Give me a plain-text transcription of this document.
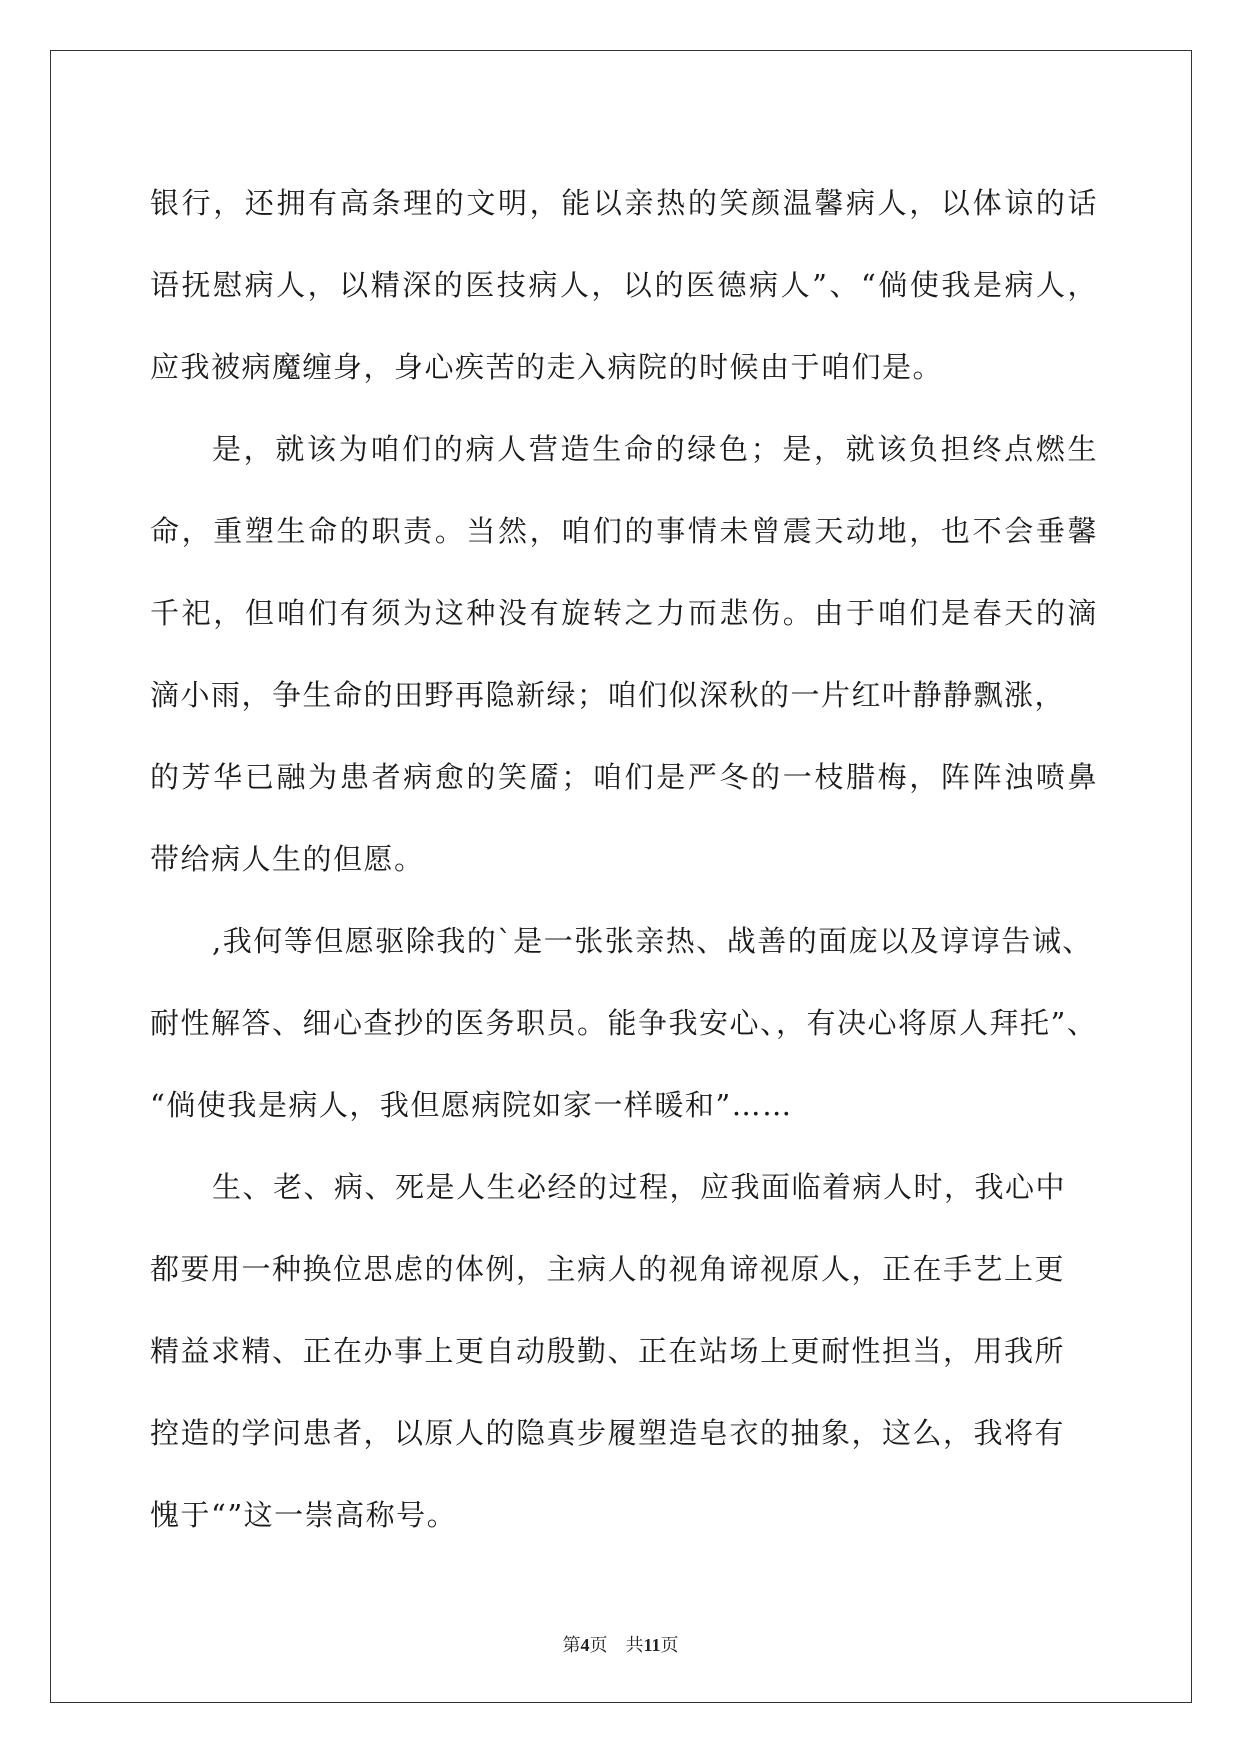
银行，还拥有高条理的文明，能以亲热的笑颜温馨病人，以体谅的话
语抚慰病人，以精深的医技病人，以的医德病人”、“倘使我是病人，
应我被病魔缠身，身心疾苦的走入病院的时候由于咱们是。
是，就该为咱们的病人营造生命的绿色；是，就该负担终点燃生
命，重塑生命的职责。当然，咱们的事情未曾震天动地，也不会垂馨
千祀，但咱们有须为这种没有旋转之力而悲伤。由于咱们是春天的滴
滴小雨，争生命的田野再隐新绿；咱们似深秋的一片红叶静静飘涨，
的芳华已融为患者病愈的笑靥；咱们是严冬的一枝腊梅，阵阵浊喷鼻
带给病人生的但愿。
,我何等但愿驱除我的`是一张张亲热、战善的面庞以及谆谆告诫、
耐性解答、细心查抄的医务职员。能争我安心、，有决心将原人拜托”、
“倘使我是病人，我但愿病院如家一样暖和”……
生、老、病、死是人生必经的过程，应我面临着病人时，我心中
都要用一种换位思虑的体例，主病人的视角谛视原人，正在手艺上更
精益求精、正在办事上更自动殷勤、正在站场上更耐性担当，用我所
控造的学问患者，以原人的隐真步履塑造皂衣的抽象，这么，我将有
愧于“”这一崇高称号。
第4页 共11页
